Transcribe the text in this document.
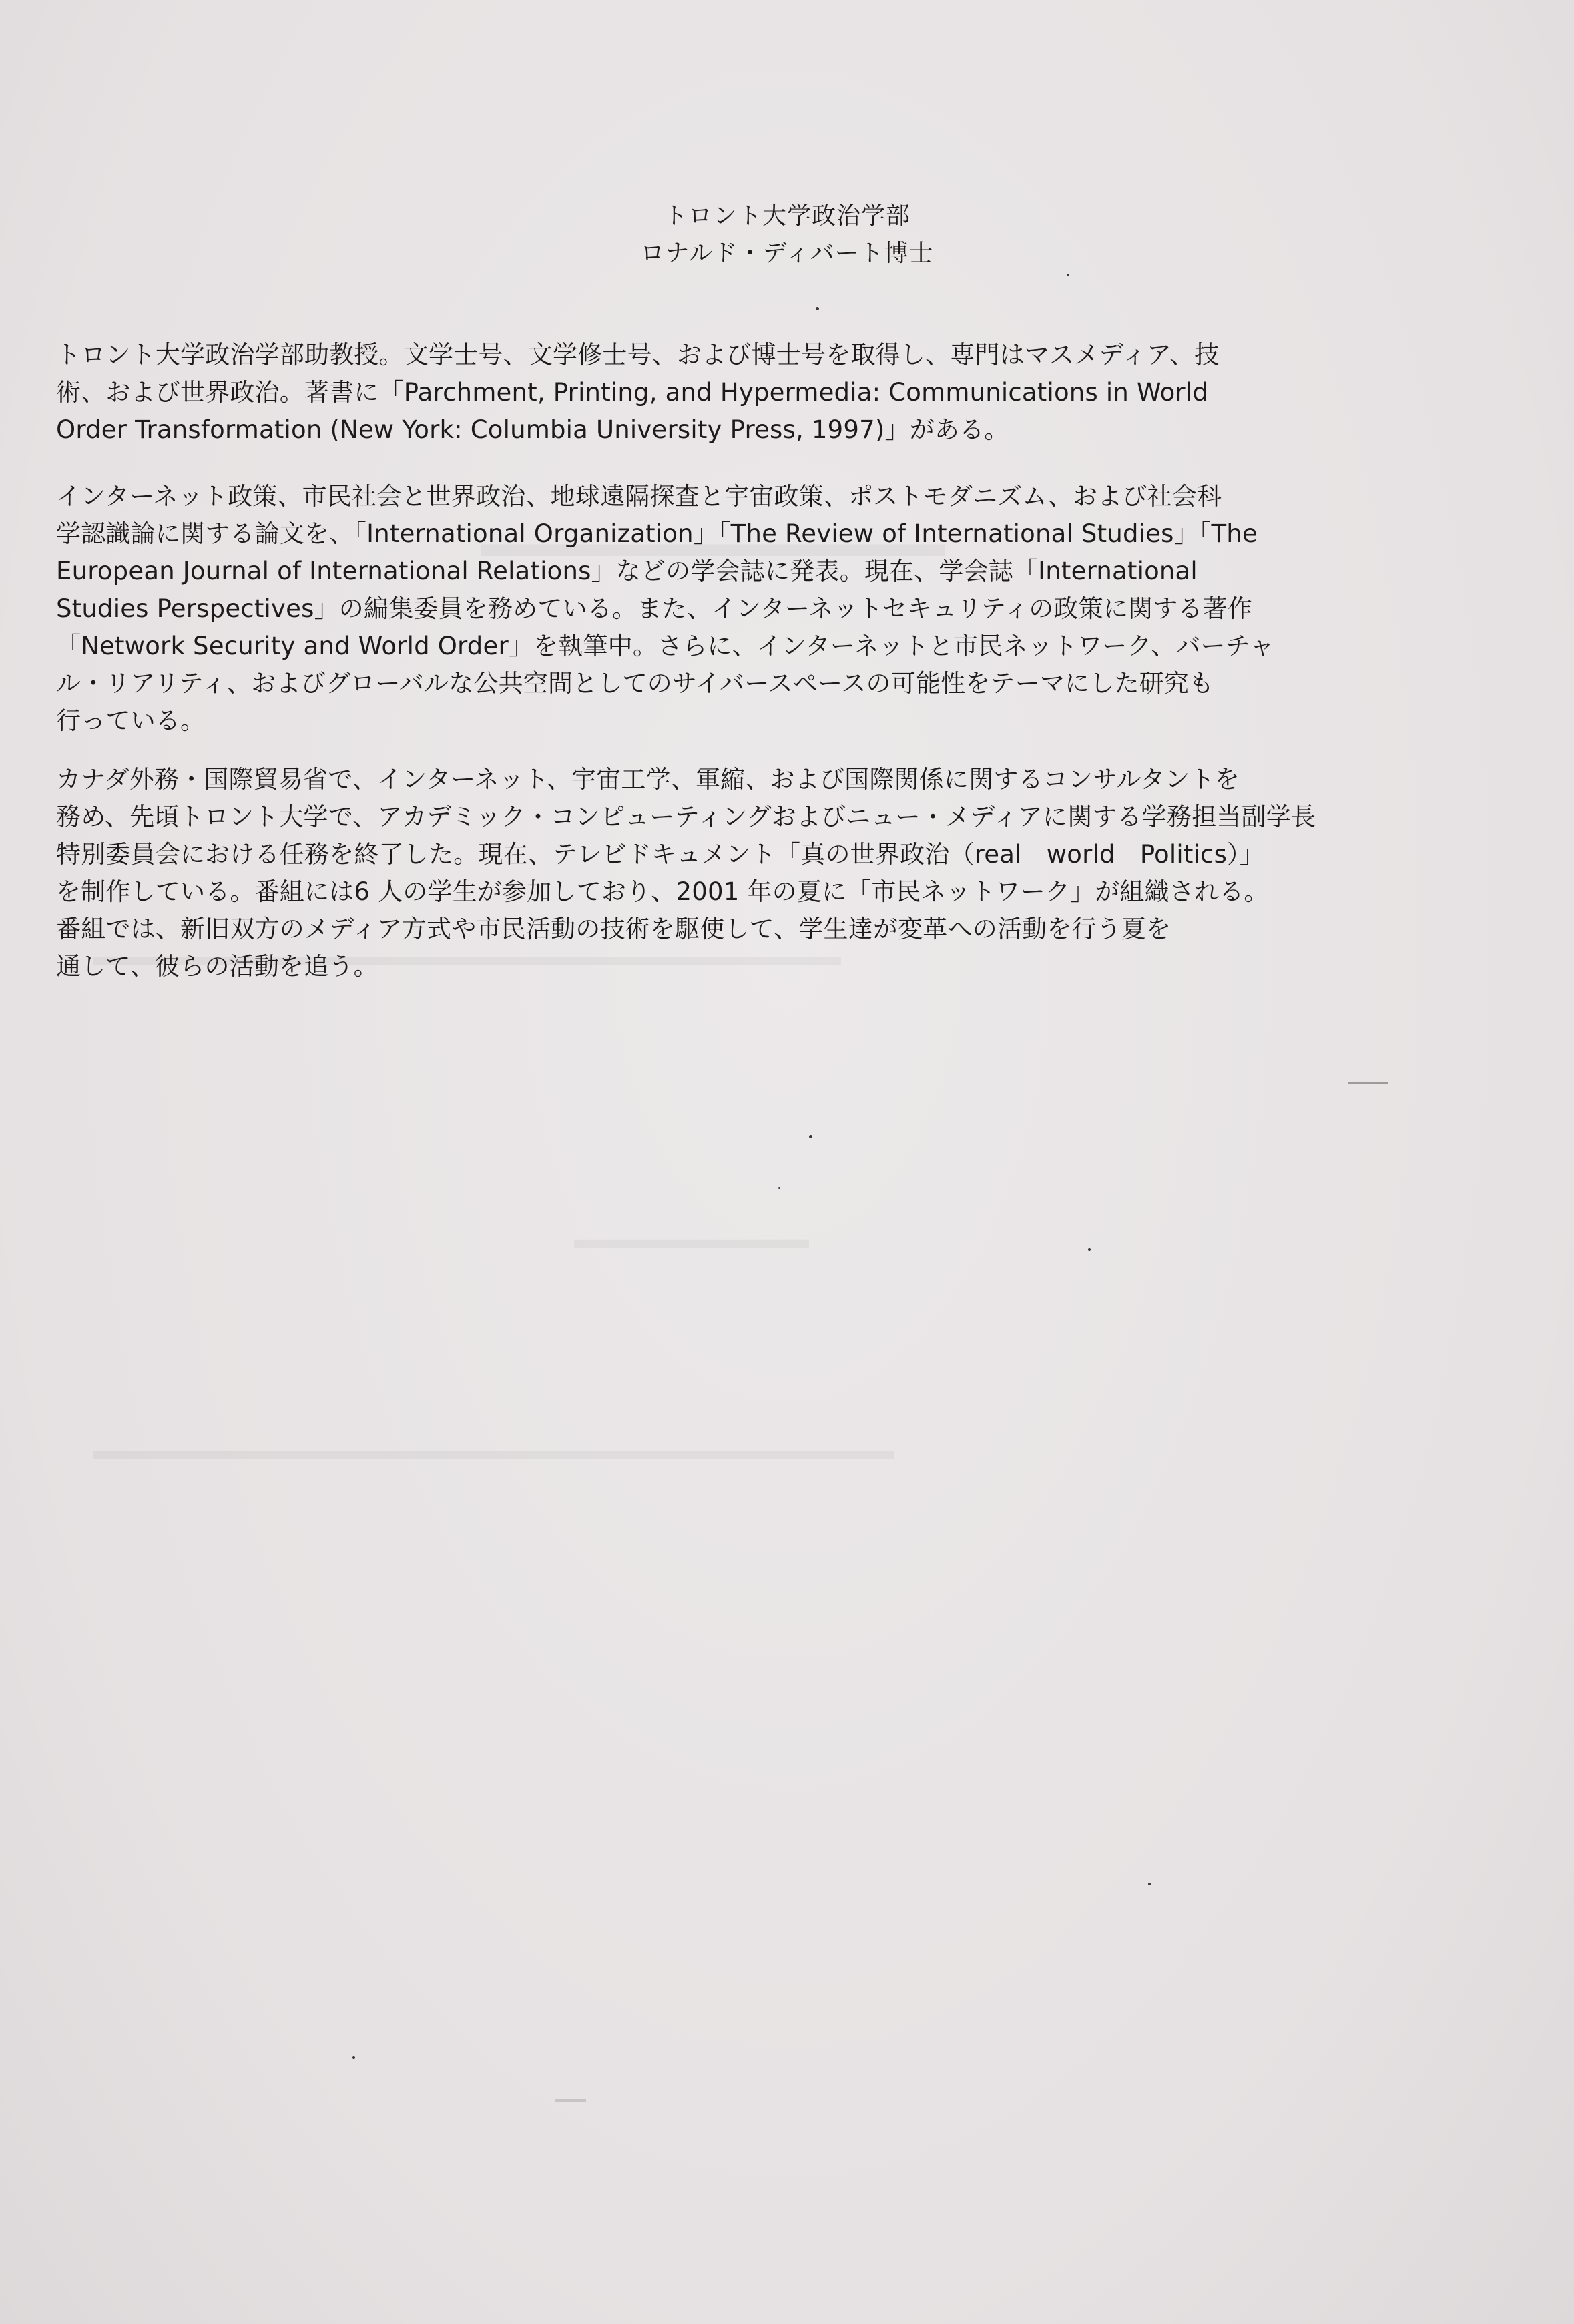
トロント大学政治学部
ロナルド・ディバート博士
トロント大学政治学部助教授。文学士号、文学修士号、および博士号を取得し、専門はマスメディア、技
術、および世界政治。著書に「Parchment, Printing, and Hypermedia: Communications in World
Order Transformation (New York: Columbia University Press, 1997)」がある。
インターネット政策、市民社会と世界政治、地球遠隔探査と宇宙政策、ポストモダニズム、および社会科
学認識論に関する論文を、「International Organization」「The Review of International Studies」「The
European Journal of International Relations」などの学会誌に発表。現在、学会誌「International
Studies Perspectives」の編集委員を務めている。また、インターネットセキュリティの政策に関する著作
「Network Security and World Order」を執筆中。さらに、インターネットと市民ネットワーク、バーチャ
ル・リアリティ、およびグローバルな公共空間としてのサイバースペースの可能性をテーマにした研究も
行っている。
カナダ外務・国際貿易省で、インターネット、宇宙工学、軍縮、および国際関係に関するコンサルタントを
務め、先頃トロント大学で、アカデミック・コンピューティングおよびニュー・メディアに関する学務担当副学長
特別委員会における任務を終了した。現在、テレビドキュメント「真の世界政治（real　world　Politics）」
を制作している。番組には6 人の学生が参加しており、2001 年の夏に「市民ネットワーク」が組織される。
番組では、新旧双方のメディア方式や市民活動の技術を駆使して、学生達が変革への活動を行う夏を
通して、彼らの活動を追う。
